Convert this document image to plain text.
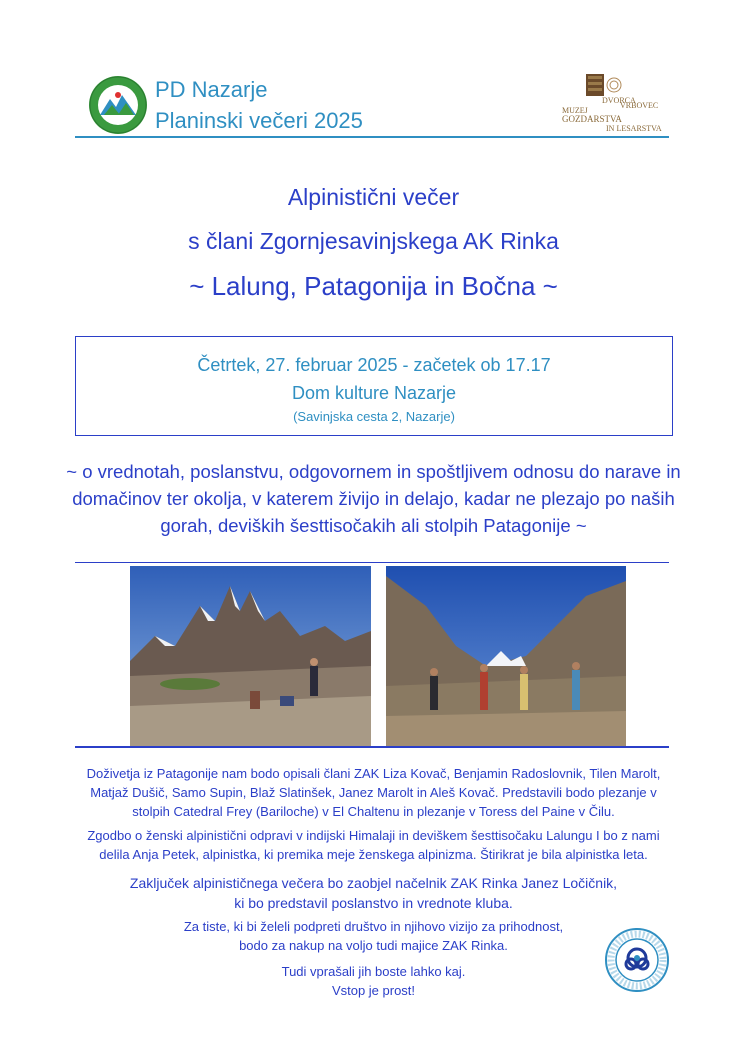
PD Nazarje
Planinski večeri 2025	MUZEJ
GOZDARSTVA
IN LESARSTVA
DVORCA
VRBOVEC
Alpinistični večer
s člani Zgornjesavinjskega AK Rinka
~ Lalung, Patagonija in Bočna ~
Četrtek, 27. februar 2025 - začetek ob 17.17
Dom kulture Nazarje
(Savinjska cesta 2, Nazarje)
~ o vrednotah, poslanstvu, odgovornem in spoštljivem odnosu do narave in domačinov ter okolja, v katerem živijo in delajo, kadar ne plezajo po naših gorah, deviških šesttisočakih ali stolpih Patagonije ~
Doživetja iz Patagonije nam bodo opisali člani ZAK Liza Kovač, Benjamin Radoslovnik, Tilen Marolt,
Matjaž Dušič, Samo Supin, Blaž Slatinšek, Janez Marolt in Aleš Kovač. Predstavili bodo plezanje v
stolpih Catedral Frey (Bariloche) v El Chaltenu in plezanje v Toress del Paine v Čilu.
Zgodbo o ženski alpinistični odpravi v indijski Himalaji in deviškem šesttisočaku Lalungu I bo z nami
delila Anja Petek, alpinistka, ki premika meje ženskega alpinizma. Štirikrat je bila alpinistka leta.
Zaključek alpinističnega večera bo zaobjel načelnik ZAK Rinka Janez Ločičnik,
ki bo predstavil poslanstvo in vrednote kluba.
Za tiste, ki bi želeli podpreti društvo in njihovo vizijo za prihodnost,
bodo za nakup na voljo tudi majice ZAK Rinka.
Tudi vprašali jih boste lahko kaj.
Vstop je prost!
